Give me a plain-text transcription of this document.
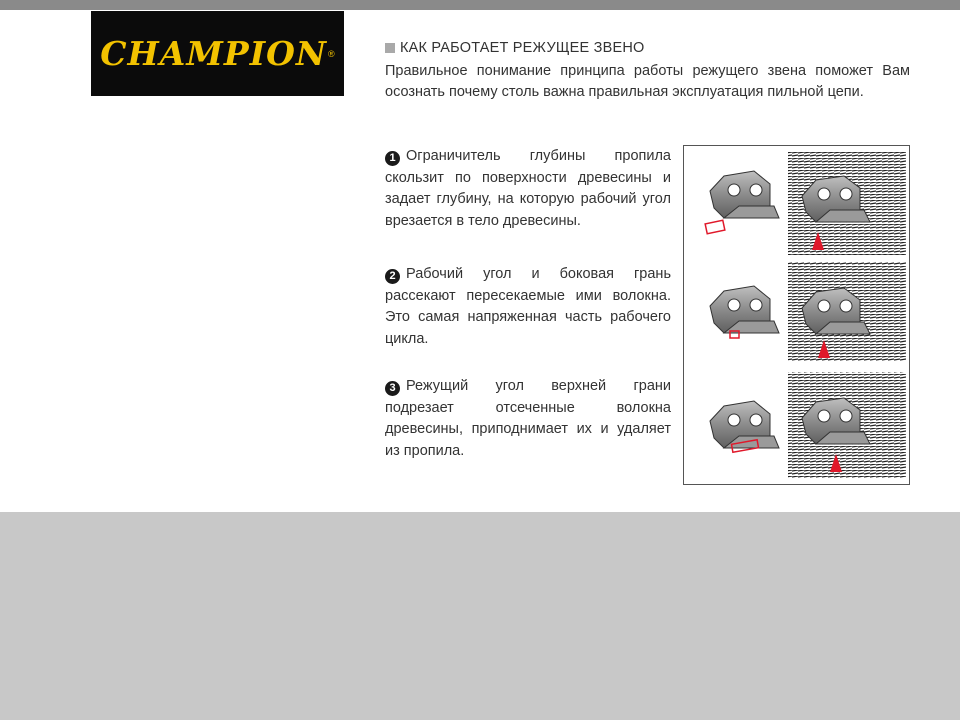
CHAMPION ®	КАК РАБОТАЕТ РЕЖУЩЕЕ ЗВЕНО
Правильное понимание принципа работы режущего звена поможет Вам осознать почему столь важна правильная эксплуатация пильной цепи.
1 Ограничитель глубины пропила скользит по поверхности древесины и задает глубину, на которую рабочий угол врезается в тело древесины.
2 Рабочий угол и боковая грань рассекают пересекаемые ими волокна. Это самая напряженная часть рабочего цикла.
3 Режущий угол верхней грани подрезает отсеченные волокна древесины, приподнимает их и удаляет из пропила.
